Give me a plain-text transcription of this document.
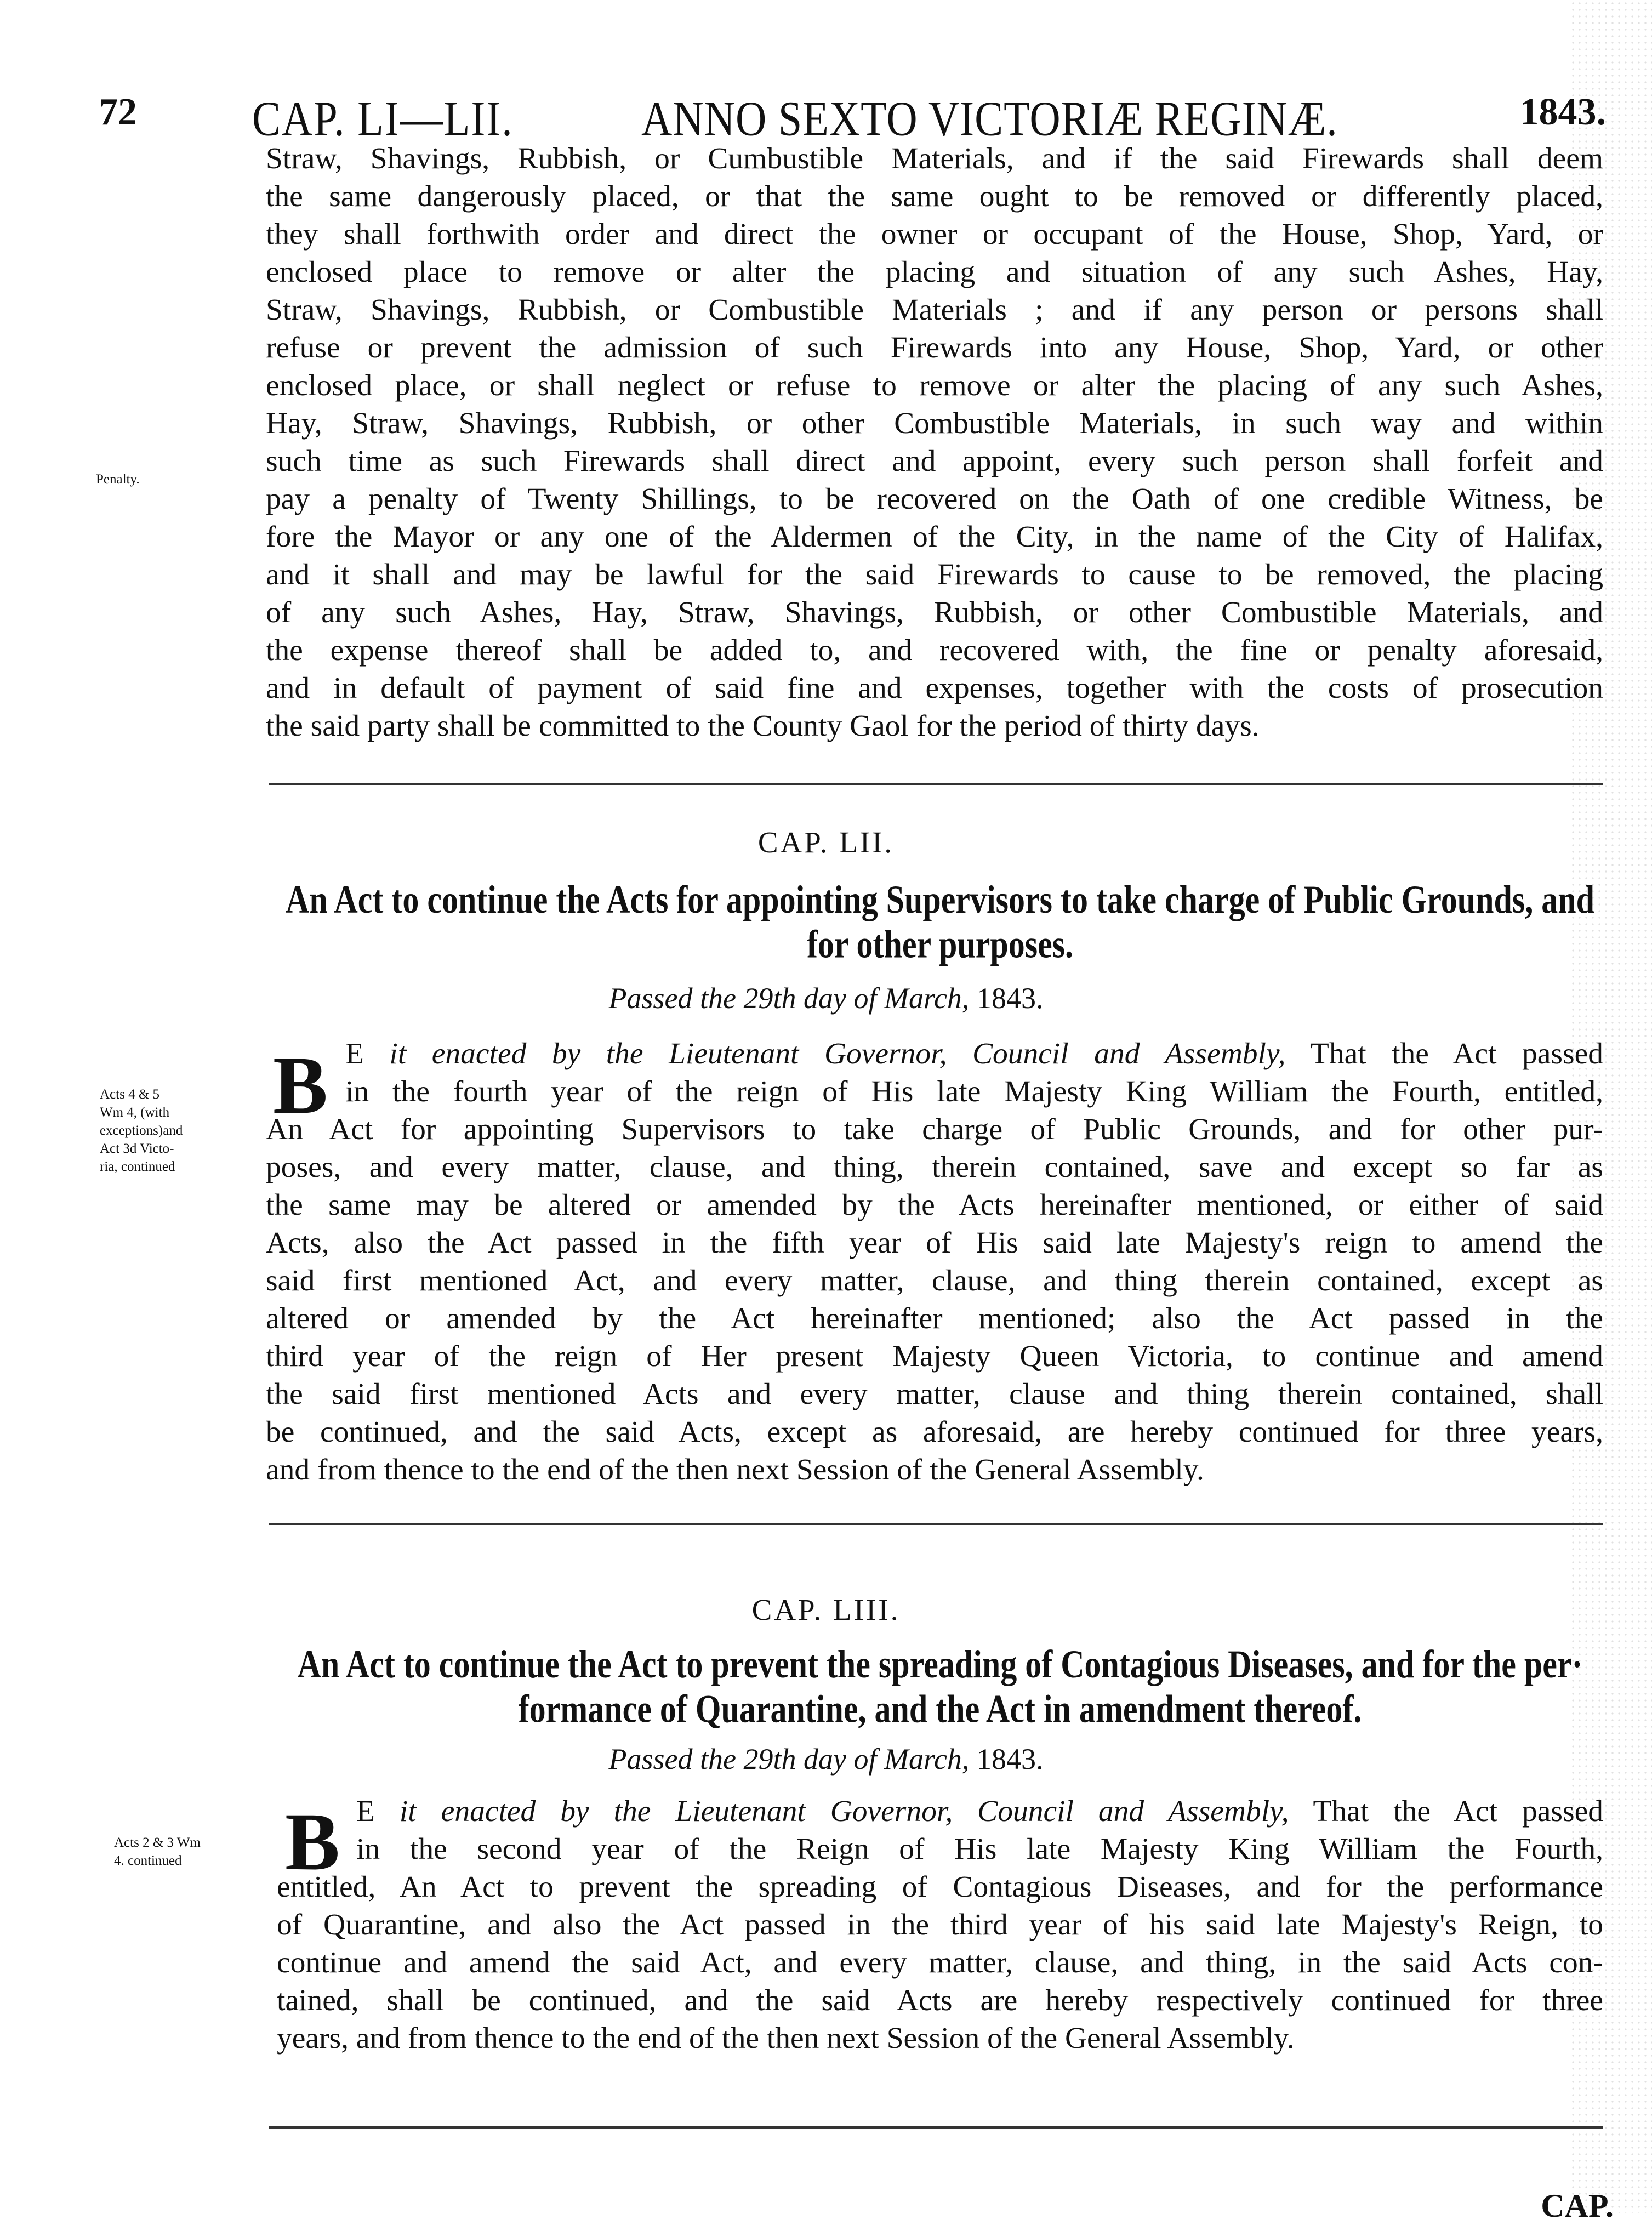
72	CAP. LI—LII.	ANNO SEXTO VICTORIÆ REGINÆ.	1843.
Straw, Shavings, Rubbish, or Cumbustible Materials, and if the said Firewards shall deem
the same dangerously placed, or that the same ought to be removed or differently placed,
they shall forthwith order and direct the owner or occupant of the House, Shop, Yard, or
enclosed place to remove or alter the placing and situation of any such Ashes, Hay,
Straw, Shavings, Rubbish, or Combustible Materials ; and if any person or persons shall
refuse or prevent the admission of such Firewards into any House, Shop, Yard, or other
enclosed place, or shall neglect or refuse to remove or alter the placing of any such Ashes,
Hay, Straw, Shavings, Rubbish, or other Combustible Materials, in such way and within
such time as such Firewards shall direct and appoint, every such person shall forfeit and
pay a penalty of Twenty Shillings, to be recovered on the Oath of one credible Witness, be
fore the Mayor or any one of the Aldermen of the City, in the name of the City of Halifax,
and it shall and may be lawful for the said Firewards to cause to be removed, the placing
of any such Ashes, Hay, Straw, Shavings, Rubbish, or other Combustible Materials, and
the expense thereof shall be added to, and recovered with, the fine or penalty aforesaid,
and in default of payment of said fine and expenses, together with the costs of prosecution
the said party shall be committed to the County Gaol for the period of thirty days.
Penalty.
CAP. LII.
An Act to continue the Acts for appointing Supervisors to take charge of Public Grounds, and
for other purposes.
Passed the 29th day of March, 1843.
B E it enacted by the Lieutenant Governor, Council and Assembly, That the Act passed
in the fourth year of the reign of His late Majesty King William the Fourth, entitled,
An Act for appointing Supervisors to take charge of Public Grounds, and for other pur-
poses, and every matter, clause, and thing, therein contained, save and except so far as
the same may be altered or amended by the Acts hereinafter mentioned, or either of said
Acts, also the Act passed in the fifth year of His said late Majesty's reign to amend the
said first mentioned Act, and every matter, clause, and thing therein contained, except as
altered or amended by the Act hereinafter mentioned; also the Act passed in the
third year of the reign of Her present Majesty Queen Victoria, to continue and amend
the said first mentioned Acts and every matter, clause and thing therein contained, shall
be continued, and the said Acts, except as aforesaid, are hereby continued for three years,
and from thence to the end of the then next Session of the General Assembly.
Acts 4 & 5
Wm 4, (with
exceptions)and
Act 3d Victo-
ria, continued
CAP. LIII.
An Act to continue the Act to prevent the spreading of Contagious Diseases, and for the per·
formance of Quarantine, and the Act in amendment thereof.
Passed the 29th day of March, 1843.
B E it enacted by the Lieutenant Governor, Council and Assembly, That the Act passed
in the second year of the Reign of His late Majesty King William the Fourth,
entitled, An Act to prevent the spreading of Contagious Diseases, and for the performance
of Quarantine, and also the Act passed in the third year of his said late Majesty's Reign, to
continue and amend the said Act, and every matter, clause, and thing, in the said Acts con-
tained, shall be continued, and the said Acts are hereby respectively continued for three
years, and from thence to the end of the then next Session of the General Assembly.
Acts 2 & 3 Wm
4. continued
CAP.
